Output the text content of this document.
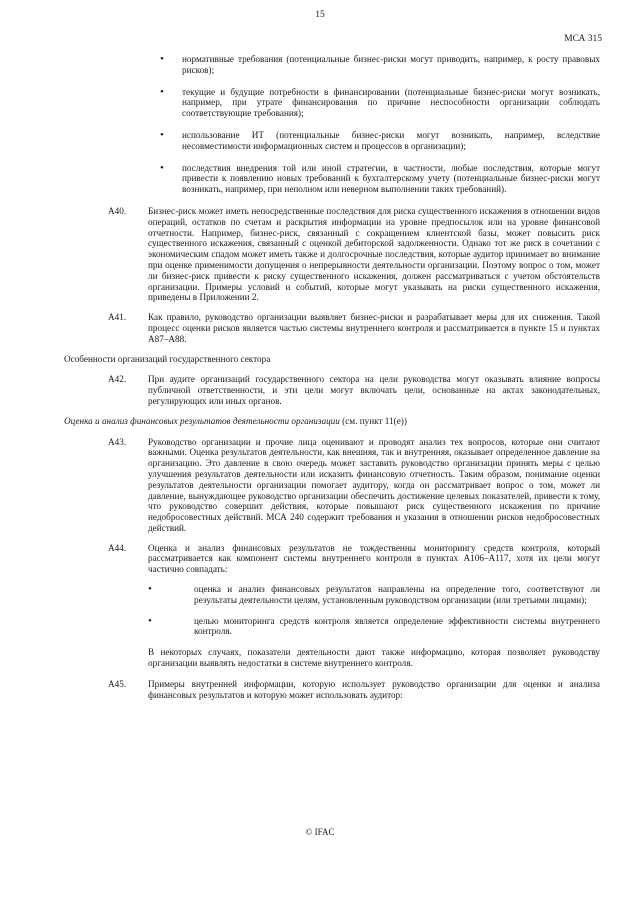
15
МСА 315
• нормативные требования (потенциальные бизнес-риски могут приводить, например, к росту правовых рисков);
• текущие и будущие потребности в финансировании (потенциальные бизнес-риски могут возникать, например, при утрате финансирования по причине неспособности организации соблюдать соответствующие требования);
• использование ИТ (потенциальные бизнес-риски могут возникать, например, вследствие несовместимости информационных систем и процессов в организации);
• последствия внедрения той или иной стратегии, в частности, любые последствия, которые могут привести к появлению новых требований к бухгалтерскому учету (потенциальные бизнес-риски могут возникать, например, при неполном или неверном выполнении таких требований).
A40. Бизнес-риск может иметь непосредственные последствия для риска существенного искажения в отношении видов операций, остатков по счетам и раскрытия информации на уровне предпосылок или на уровне финансовой отчетности. Например, бизнес-риск, связанный с сокращением клиентской базы, может повысить риск существенного искажения, связанный с оценкой дебиторской задолженности. Однако тот же риск в сочетании с экономическим спадом может иметь также и долгосрочные последствия, которые аудитор принимает во внимание при оценке применимости допущения о непрерывности деятельности организации. Поэтому вопрос о том, может ли бизнес-риск привести к риску существенного искажения, должен рассматриваться с учетом обстоятельств организации. Примеры условий и событий, которые могут указывать на риски существенного искажения, приведены в Приложении 2.
A41. Как правило, руководство организации выявляет бизнес-риски и разрабатывает меры для их снижения. Такой процесс оценки рисков является частью системы внутреннего контроля и рассматривается в пункте 15 и пунктах A87–A88.
Особенности организаций государственного сектора
A42. При аудите организаций государственного сектора на цели руководства могут оказывать влияние вопросы публичной ответственности, и эти цели могут включать цели, основанные на актах законодательных, регулирующих или иных органов.
Оценка и анализ финансовых результатов деятельности организации (см. пункт 11(e))
A43. Руководство организации и прочие лица оценивают и проводят анализ тех вопросов, которые они считают важными. Оценка результатов деятельности, как внешняя, так и внутренняя, оказывает определенное давление на организацию. Это давление в свою очередь может заставить руководство организации принять меры с целью улучшения результатов деятельности или исказить финансовую отчетность. Таким образом, понимание оценки результатов деятельности организации помогает аудитору, когда он рассматривает вопрос о том, может ли давление, вынуждающее руководство организации обеспечить достижение целевых показателей, привести к тому, что руководство совершит действия, которые повышают риск существенного искажения по причине недобросовестных действий. МСА 240 содержит требования и указания в отношении рисков недобросовестных действий.
A44. Оценка и анализ финансовых результатов не тождественны мониторингу средств контроля, который рассматривается как компонент системы внутреннего контроля в пунктах A106–A117, хотя их цели могут частично совпадать:
•	оценка и анализ финансовых результатов направлены на определение того, соответствуют ли результаты деятельности целям, установленным руководством организации (или третьими лицами);
•	целью мониторинга средств контроля является определение эффективности системы внутреннего контроля.
В некоторых случаях, показатели деятельности дают также информацию, которая позволяет руководству организации выявлять недостатки в системе внутреннего контроля.
A45. Примеры внутренней информации, которую использует руководство организации для оценки и анализа финансовых результатов и которую может использовать аудитор:
© IFAC
